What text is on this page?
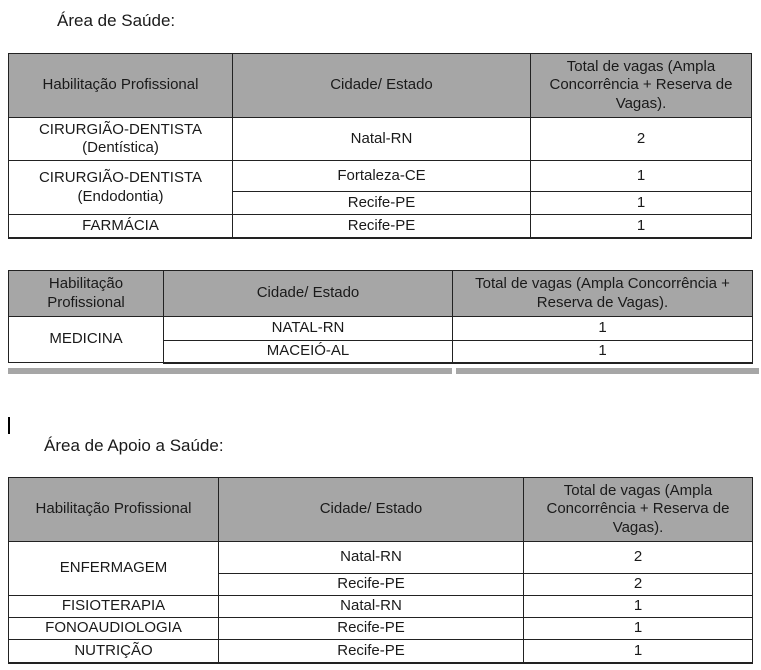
Área de Saúde:
Habilitação Profissional	Cidade/ Estado	Total de vagas (Ampla Concorrência + Reserva de Vagas).
CIRURGIÃO-DENTISTA (Dentística)	Natal-RN	2
CIRURGIÃO-DENTISTA (Endodontia)	Fortaleza-CE	1
	Recife-PE	1
FARMÁCIA	Recife-PE	1
Habilitação Profissional	Cidade/ Estado	Total de vagas (Ampla Concorrência + Reserva de Vagas).
MEDICINA	NATAL-RN	1
	MACEIÓ-AL	1
Área de Apoio a Saúde:
Habilitação Profissional	Cidade/ Estado	Total de vagas (Ampla Concorrência + Reserva de Vagas).
ENFERMAGEM	Natal-RN	2
	Recife-PE	2
FISIOTERAPIA	Natal-RN	1
FONOAUDIOLOGIA	Recife-PE	1
NUTRIÇÃO	Recife-PE	1
